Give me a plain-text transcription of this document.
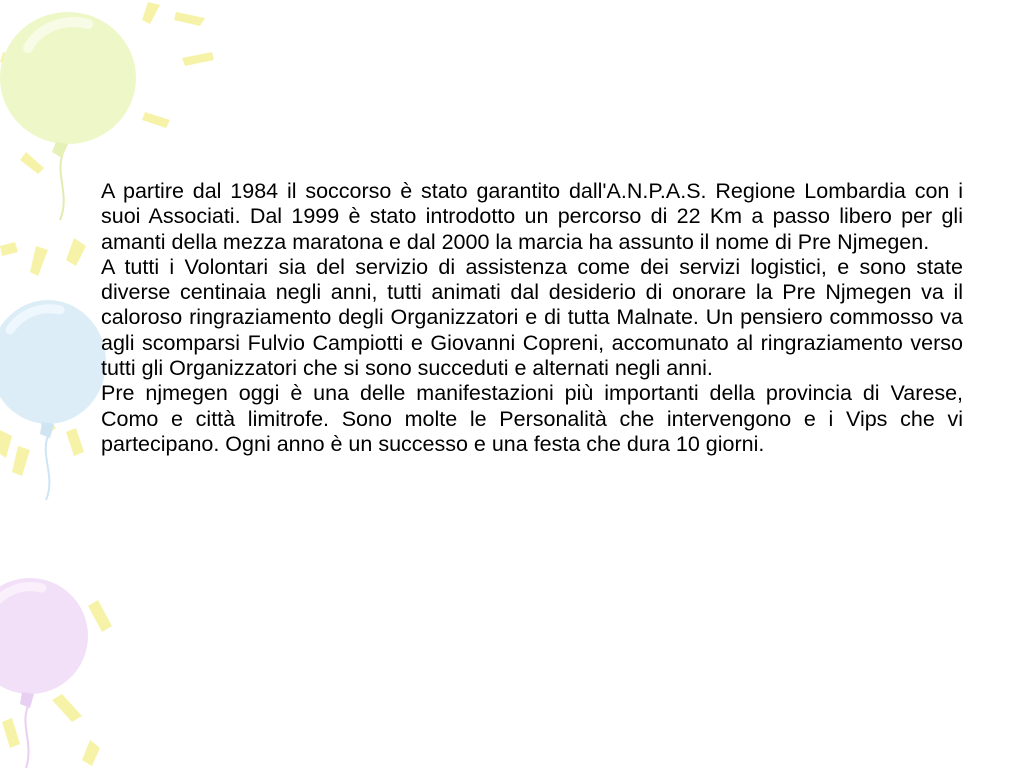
A partire dal 1984 il soccorso è stato garantito dall'A.N.P.A.S. Regione Lombardia con i suoi Associati. Dal 1999 è stato introdotto un percorso di 22 Km a passo libero per gli amanti della mezza maratona e dal 2000 la marcia ha assunto il nome di Pre Njmegen.

A tutti i Volontari sia del servizio di assistenza come dei servizi logistici, e sono state diverse centinaia negli anni, tutti animati dal desiderio di onorare la Pre Njmegen va il caloroso ringraziamento degli Organizzatori e di tutta Malnate. Un pensiero commosso va agli scomparsi Fulvio Campiotti e Giovanni Copreni, accomunato al ringraziamento verso tutti gli Organizzatori che si sono succeduti e alternati negli anni.

Pre njmegen oggi è una delle manifestazioni più importanti della provincia di Varese, Como e città limitrofe. Sono molte le Personalità che intervengono e i Vips che vi partecipano. Ogni anno è un successo e una festa che dura 10 giorni.
